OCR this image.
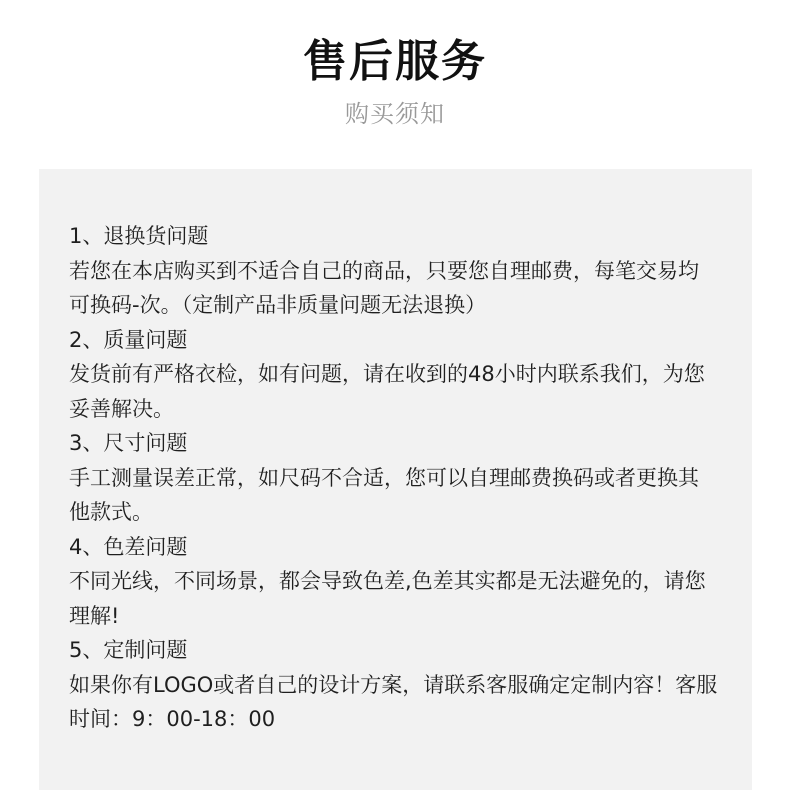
售后服务
购买须知
1、退换货问题
若您在本店购买到不适合自己的商品，只要您自理邮费，每笔交易均可换码-次。（定制产品非质量问题无法退换）
2、质量问题
发货前有严格衣检，如有问题，请在收到的48小时内联系我们，为您妥善解决。
3、尺寸问题
手工测量误差正常，如尺码不合适，您可以自理邮费换码或者更换其他款式。
4、色差问题
不同光线，不同场景，都会导致色差,色差其实都是无法避免的，请您理解!
5、定制问题
如果你有LOGO或者自己的设计方案，请联系客服确定定制内容！客服时间：9：00-18：00
